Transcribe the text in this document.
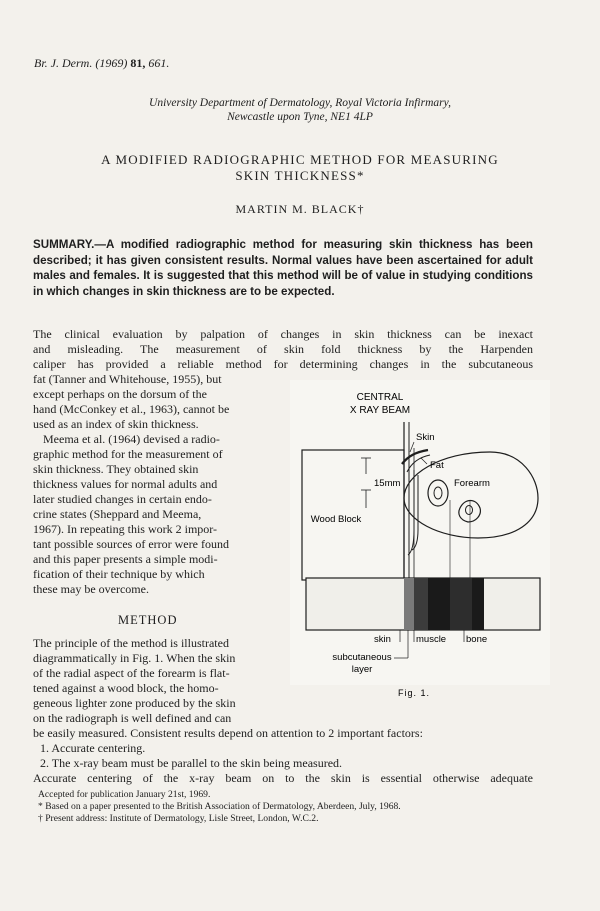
Br. J. Derm. (1969) 81, 661.
University Department of Dermatology, Royal Victoria Infirmary,
Newcastle upon Tyne, NE1 4LP
A MODIFIED RADIOGRAPHIC METHOD FOR MEASURING
SKIN THICKNESS*
MARTIN M. BLACK†
SUMMARY.—A modified radiographic method for measuring skin thickness has been described; it has given consistent results. Normal values have been ascertained for adult males and females. It is suggested that this method will be of value in studying conditions in which changes in skin thickness are to be expected.
The clinical evaluation by palpation of changes in skin thickness can be inexact
and misleading. The measurement of skin fold thickness by the Harpenden
caliper has provided a reliable method for determining changes in the subcutaneous
fat (Tanner and Whitehouse, 1955), but
except perhaps on the dorsum of the
hand (McConkey et al., 1963), cannot be
used as an index of skin thickness.
Meema et al. (1964) devised a radio-
graphic method for the measurement of
skin thickness. They obtained skin
thickness values for normal adults and
later studied changes in certain endo-
crine states (Sheppard and Meema,
1967). In repeating this work 2 impor-
tant possible sources of error were found
and this paper presents a simple modi-
fication of their technique by which
these may be overcome.
METHOD
The principle of the method is illustrated
diagrammatically in Fig. 1. When the skin
of the radial aspect of the forearm is flat-
tened against a wood block, the homo-
geneous lighter zone produced by the skin
on the radiograph is well defined and can
be easily measured. Consistent results depend on attention to 2 important factors:
1. Accurate centering.
2. The x-ray beam must be parallel to the skin being measured.
Accurate centering of the x-ray beam on to the skin is essential otherwise adequate
Accepted for publication January 21st, 1969.
* Based on a paper presented to the British Association of Dermatology, Aberdeen, July, 1968.
† Present address: Institute of Dermatology, Lisle Street, London, W.C.2.
CENTRAL
X RAY BEAM
Wood Block
15mm
Skin
Fat
Forearm
skin	muscle bone
subcutaneous
layer
Fig. 1.
